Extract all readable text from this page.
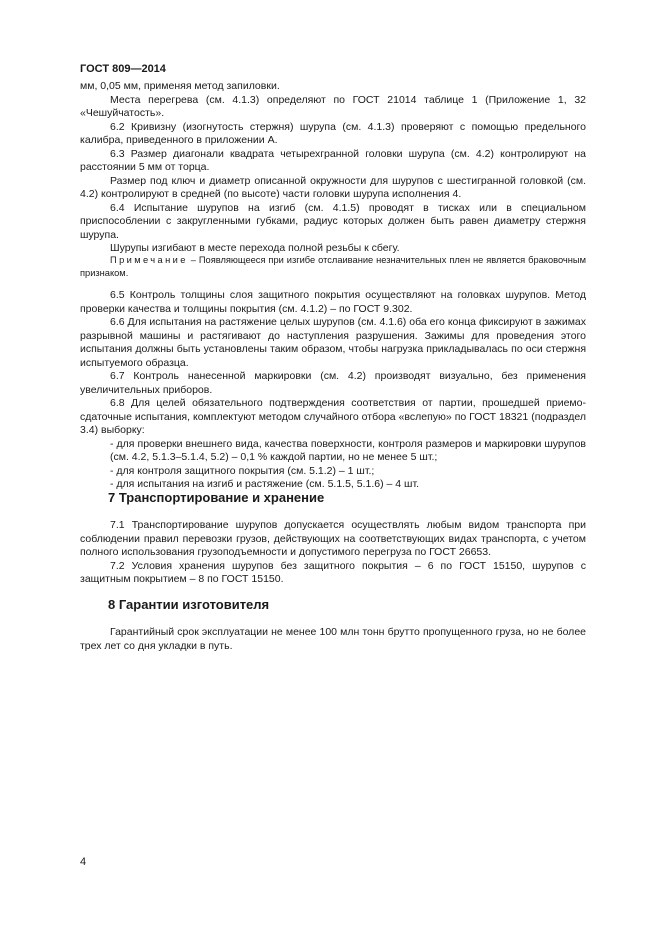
ГОСТ 809—2014
мм, 0,05 мм, применяя метод запиловки.
Места перегрева (см. 4.1.3) определяют по ГОСТ 21014 таблице 1 (Приложение 1, 32 «Чешуйчатость».
6.2 Кривизну (изогнутость стержня) шурупа (см. 4.1.3) проверяют с помощью предельного калибра, приведенного в приложении А.
6.3 Размер диагонали квадрата четырехгранной головки шурупа (см. 4.2) контролируют на расстоянии 5 мм от торца.
Размер под ключ и диаметр описанной окружности для шурупов с шестигранной головкой (см. 4.2) контролируют в средней (по высоте) части головки шурупа исполнения 4.
6.4 Испытание шурупов на изгиб (см. 4.1.5) проводят в тисках или в специальном приспособлении с закругленными губками, радиус которых должен быть равен диаметру стержня шурупа.
Шурупы изгибают в месте перехода полной резьбы к сбегу.
Примечание – Появляющееся при изгибе отслаивание незначительных плен не является браковочным признаком.
6.5 Контроль толщины слоя защитного покрытия осуществляют на головках шурупов. Метод проверки качества и толщины покрытия (см. 4.1.2) – по ГОСТ 9.302.
6.6 Для испытания на растяжение целых шурупов (см. 4.1.6) оба его конца фиксируют в зажимах разрывной машины и растягивают до наступления разрушения. Зажимы для проведения этого испытания должны быть установлены таким образом, чтобы нагрузка прикладывалась по оси стержня испытуемого образца.
6.7 Контроль нанесенной маркировки (см. 4.2) производят визуально, без применения увеличительных приборов.
6.8 Для целей обязательного подтверждения соответствия от партии, прошедшей приемо-сдаточные испытания, комплектуют методом случайного отбора «вслепую» по ГОСТ 18321 (подраздел 3.4) выборку:
- для проверки внешнего вида, качества поверхности, контроля размеров и маркировки шурупов (см. 4.2, 5.1.3–5.1.4, 5.2) – 0,1 % каждой партии, но не менее 5 шт.;
- для контроля защитного покрытия (см. 5.1.2) – 1 шт.;
- для испытания на изгиб и растяжение (см. 5.1.5, 5.1.6) – 4 шт.
7 Транспортирование и хранение
7.1 Транспортирование шурупов допускается осуществлять любым видом транспорта при соблюдении правил перевозки грузов, действующих на соответствующих видах транспорта, с учетом полного использования грузоподъемности и допустимого перегруза по ГОСТ 26653.
7.2 Условия хранения шурупов без защитного покрытия – 6 по ГОСТ 15150, шурупов с защитным покрытием – 8 по ГОСТ 15150.
8 Гарантии изготовителя
Гарантийный срок эксплуатации не менее 100 млн тонн брутто пропущенного груза, но не более трех лет со дня укладки в путь.
4
